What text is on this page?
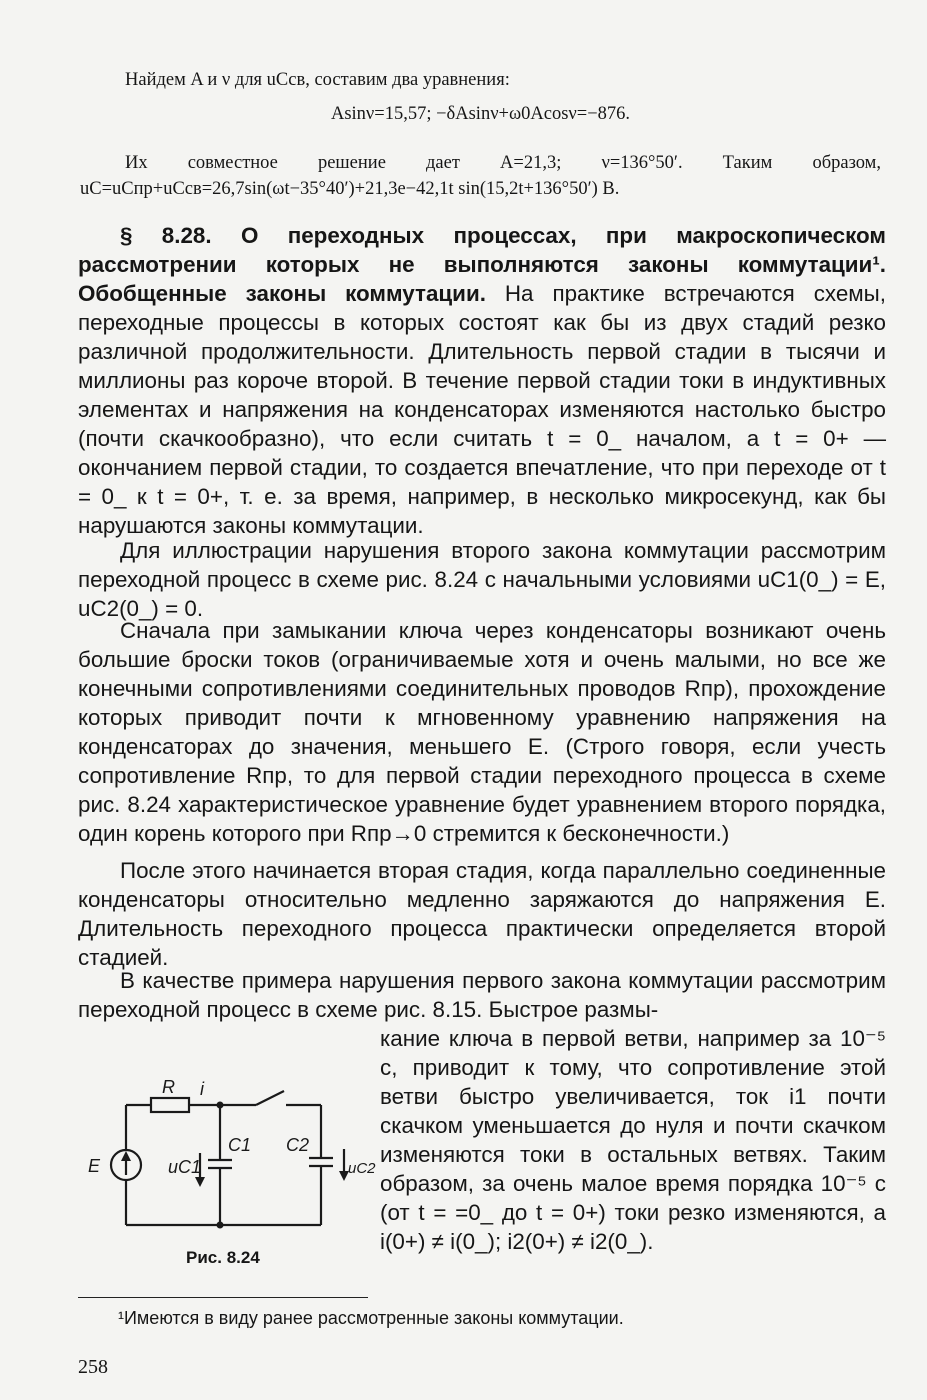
Найдем A и ν для uCсв, составим два уравнения:
Asinν=15,57; −δAsinν+ω0Acosν=−876.
Их совместное решение дает A=21,3; ν=136°50′. Таким образом,
uC=uCпр+uCсв=26,7sin(ωt−35°40′)+21,3e−42,1t sin(15,2t+136°50′) В.

§ 8.28. О переходных процессах, при макроскопическом рассмотрении которых не выполняются законы коммутации¹. Обобщенные законы коммутации. На практике встречаются схемы, переходные процессы в которых состоят как бы из двух стадий резко различной продолжительности. Длительность первой стадии в тысячи и миллионы раз короче второй. В течение первой стадии токи в индуктивных элементах и напряжения на конденсаторах изменяются настолько быстро (почти скачкообразно), что если считать t = 0_ началом, а t = 0+ — окончанием первой стадии, то создается впечатление, что при переходе от t = 0_ к t = 0+, т. е. за время, например, в несколько микросекунд, как бы нарушаются законы коммутации.

Для иллюстрации нарушения второго закона коммутации рассмотрим переходной процесс в схеме рис. 8.24 с начальными условиями uC1(0_) = E, uC2(0_) = 0.

Сначала при замыкании ключа через конденсаторы возникают очень большие броски токов (ограничиваемые хотя и очень малыми, но все же конечными сопротивлениями соединительных проводов Rпр), прохождение которых приводит почти к мгновенному уравнению напряжения на конденсаторах до значения, меньшего E. (Строго говоря, если учесть сопротивление Rпр, то для первой стадии переходного процесса в схеме рис. 8.24 характеристическое уравнение будет уравнением второго порядка, один корень которого при Rпр→0 стремится к бесконечности.)

После этого начинается вторая стадия, когда параллельно соединенные конденсаторы относительно медленно заряжаются до напряжения E. Длительность переходного процесса практически определяется второй стадией.

В качестве примера нарушения первого закона коммутации рассмотрим переходной процесс в схеме рис. 8.15. Быстрое размы-

кание ключа в первой ветви, например за 10⁻⁵ с, приводит к тому, что сопротивление этой ветви быстро увеличивается, ток i1 почти скачком уменьшается до нуля и почти скачком изменяются токи в остальных ветвях. Таким образом, за очень малое время порядка 10⁻⁵ с (от t = =0_ до t = 0+) токи резко изменяются, а i(0+) ≠ i(0_); i2(0+) ≠ i2(0_).

R i
E	uC1
C1 C2
uC2
Рис. 8.24
¹Имеются в виду ранее рассмотренные законы коммутации.
258
